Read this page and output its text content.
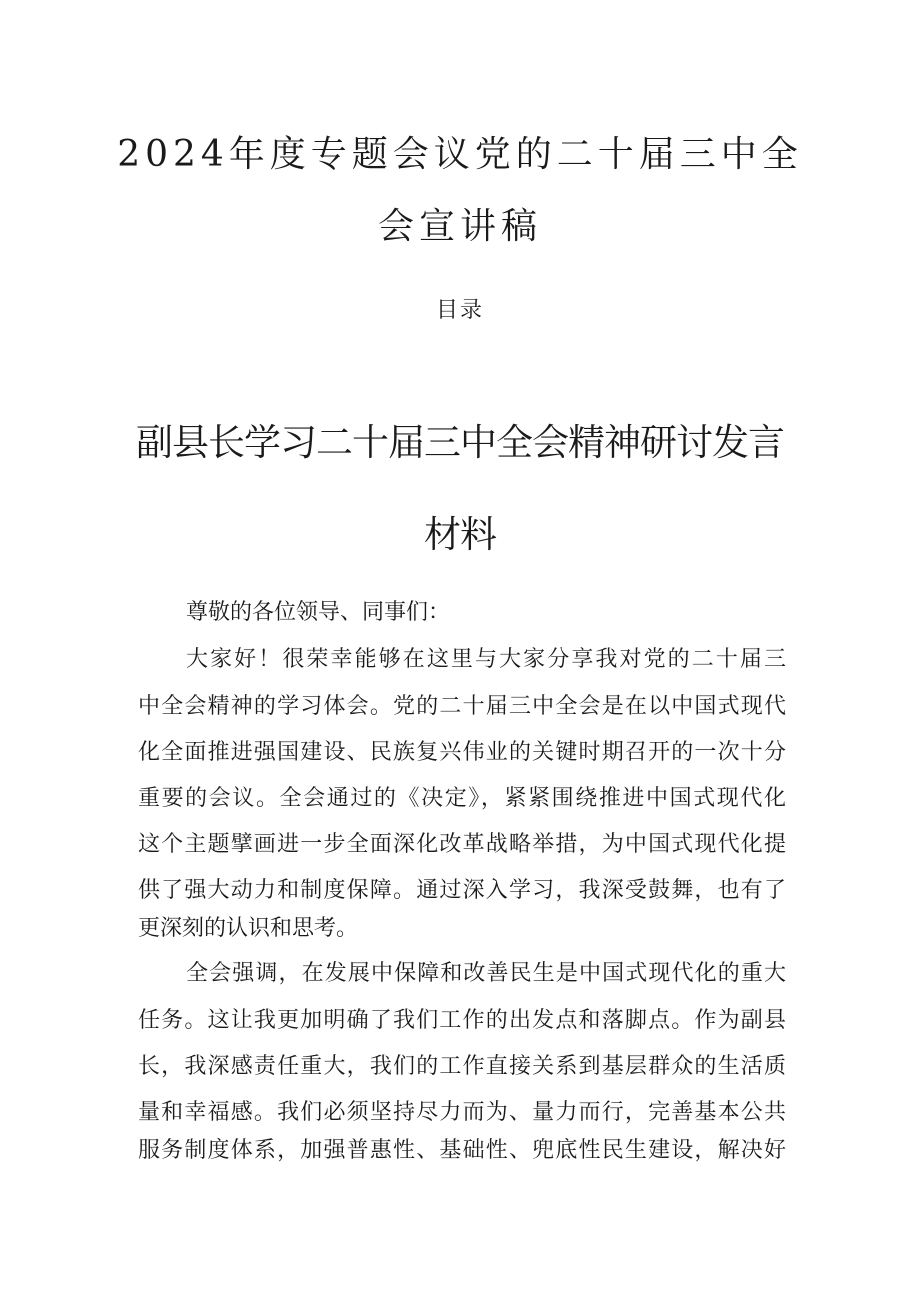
2024年度专题会议党的二十届三中全
会宣讲稿
目录
副县长学习二十届三中全会精神研讨发言
材料
尊敬的各位领导、同事们：
大家好！很荣幸能够在这里与大家分享我对党的二十届三
中全会精神的学习体会。党的二十届三中全会是在以中国式现代
化全面推进强国建设、民族复兴伟业的关键时期召开的一次十分
重要的会议。全会通过的《决定》，紧紧围绕推进中国式现代化
这个主题擘画进一步全面深化改革战略举措，为中国式现代化提
供了强大动力和制度保障。通过深入学习，我深受鼓舞，也有了
更深刻的认识和思考。
全会强调，在发展中保障和改善民生是中国式现代化的重大
任务。这让我更加明确了我们工作的出发点和落脚点。作为副县
长，我深感责任重大，我们的工作直接关系到基层群众的生活质
量和幸福感。我们必须坚持尽力而为、量力而行，完善基本公共
服务制度体系，加强普惠性、基础性、兜底性民生建设，解决好
